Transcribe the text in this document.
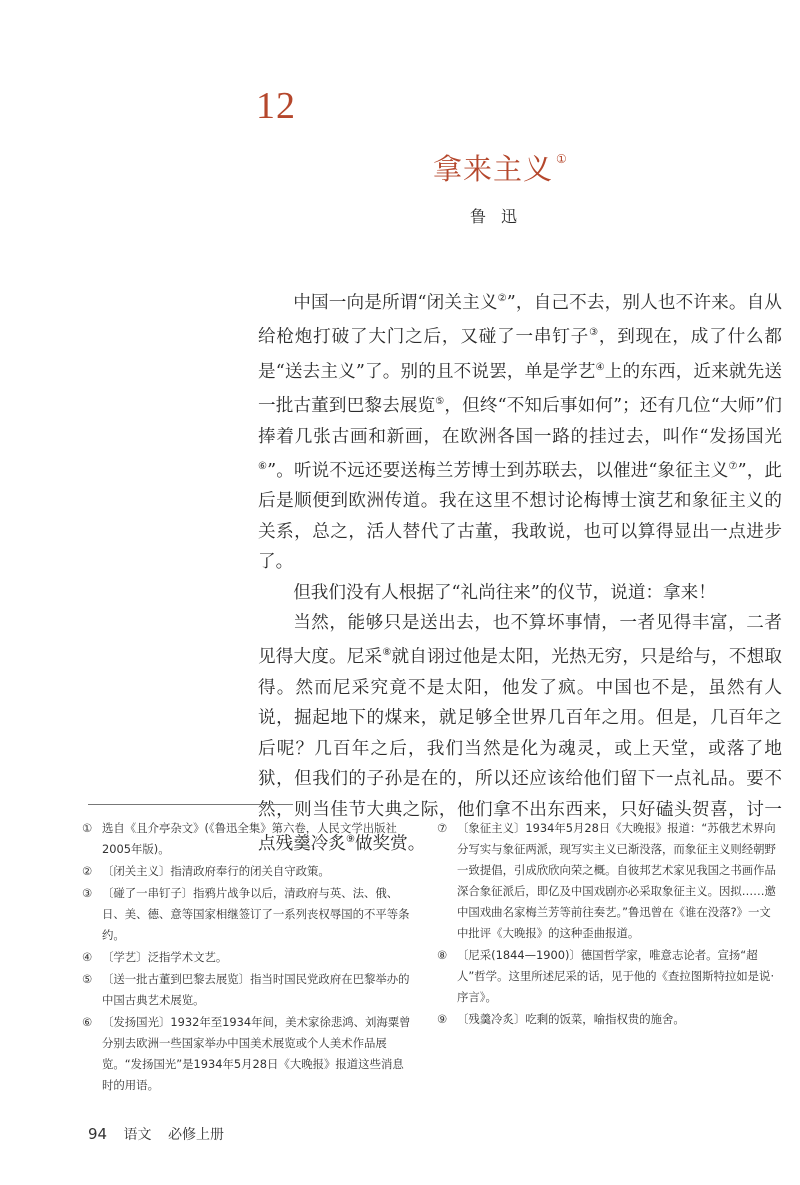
12
拿来主义 ①
鲁 迅

中国一向是所谓“闭关主义②”，自己不去，别人也不许来。自从给枪炮打破了大门之后，又碰了一串钉子③，到现在，成了什么都是“送去主义”了。别的且不说罢，单是学艺④上的东西，近来就先送一批古董到巴黎去展览⑤，但终“不知后事如何”；还有几位“大师”们捧着几张古画和新画，在欧洲各国一路的挂过去，叫作“发扬国光⑥”。听说不远还要送梅兰芳博士到苏联去，以催进“象征主义⑦”，此后是顺便到欧洲传道。我在这里不想讨论梅博士演艺和象征主义的关系，总之，活人替代了古董，我敢说，也可以算得显出一点进步了。

但我们没有人根据了“礼尚往来”的仪节，说道：拿来！

当然，能够只是送出去，也不算坏事情，一者见得丰富，二者见得大度。尼采⑧就自诩过他是太阳，光热无穷，只是给与，不想取得。然而尼采究竟不是太阳，他发了疯。中国也不是，虽然有人说，掘起地下的煤来，就足够全世界几百年之用。但是，几百年之后呢？几百年之后，我们当然是化为魂灵，或上天堂，或落了地狱，但我们的子孙是在的，所以还应该给他们留下一点礼品。要不然，则当佳节大典之际，他们拿不出东西来，只好磕头贺喜，讨一点残羹冷炙⑨做奖赏。

① 选自《且介亭杂文》(《鲁迅全集》第六卷，人民文学出版社2005年版)。
② 〔闭关主义〕指清政府奉行的闭关自守政策。
③ 〔碰了一串钉子〕指鸦片战争以后，清政府与英、法、俄、日、美、德、意等国家相继签订了一系列丧权辱国的不平等条约。
④ 〔学艺〕泛指学术文艺。
⑤ 〔送一批古董到巴黎去展览〕指当时国民党政府在巴黎举办的中国古典艺术展览。
⑥ 〔发扬国光〕1932年至1934年间，美术家徐悲鸿、刘海粟曾分别去欧洲一些国家举办中国美术展览或个人美术作品展览。“发扬国光”是1934年5月28日《大晚报》报道这些消息时的用语。
⑦ 〔象征主义〕1934年5月28日《大晚报》报道：“苏俄艺术界向分写实与象征两派，现写实主义已渐没落，而象征主义则经朝野一致提倡，引成欣欣向荣之概。自彼邦艺术家见我国之书画作品深合象征派后，即亿及中国戏剧亦必采取象征主义。因拟……邀中国戏曲名家梅兰芳等前往奏艺。”鲁迅曾在《谁在没落?》一文中批评《大晚报》的这种歪曲报道。
⑧ 〔尼采(1844—1900)〕德国哲学家，唯意志论者。宣扬“超人”哲学。这里所述尼采的话，见于他的《查拉图斯特拉如是说·序言》。
⑨ 〔残羹冷炙〕吃剩的饭菜，喻指权贵的施舍。
94 语文 必修上册
